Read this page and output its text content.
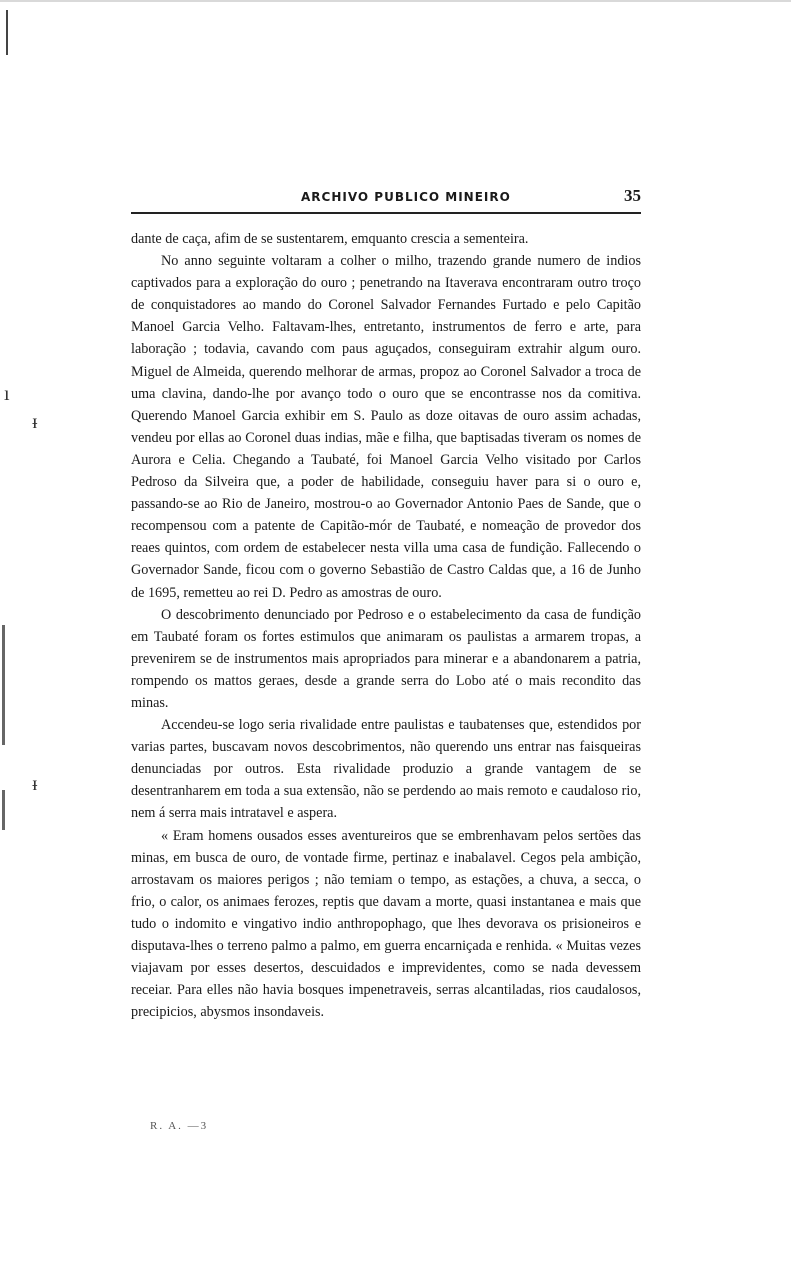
ı
ᵻ
ᵻ
ARCHIVO PUBLICO MINEIRO	35

dante de caça, afim de se sustentarem, emquanto crescia a sementeira.

No anno seguinte voltaram a colher o milho, trazendo grande numero de indios captivados para a exploração do ouro ; penetrando na Itaverava encontraram outro troço de conquistadores ao mando do Coronel Salvador Fernandes Furtado e pelo Capitão Manoel Garcia Velho. Faltavam-lhes, entretanto, instrumentos de ferro e arte, para laboração ; todavia, cavando com paus aguçados, conseguiram extrahir algum ouro. Miguel de Almeida, querendo melhorar de armas, propoz ao Coronel Salvador a troca de uma clavina, dando-lhe por avanço todo o ouro que se encontrasse nos da comitiva. Querendo Manoel Garcia exhibir em S. Paulo as doze oitavas de ouro assim achadas, vendeu por ellas ao Coronel duas indias, mãe e filha, que baptisadas tiveram os nomes de Aurora e Celia. Chegando a Taubaté, foi Manoel Garcia Velho visitado por Carlos Pedroso da Silveira que, a poder de habilidade, conseguiu haver para si o ouro e, passando-se ao Rio de Janeiro, mostrou-o ao Governador Antonio Paes de Sande, que o recompensou com a patente de Capitão-mór de Taubaté, e nomeação de provedor dos reaes quintos, com ordem de estabelecer nesta villa uma casa de fundição. Fallecendo o Governador Sande, ficou com o governo Sebastião de Castro Caldas que, a 16 de Junho de 1695, remetteu ao rei D. Pedro as amostras de ouro.

O descobrimento denunciado por Pedroso e o estabelecimento da casa de fundição em Taubaté foram os fortes estimulos que animaram os paulistas a armarem tropas, a prevenirem se de instrumentos mais apropriados para minerar e a abandonarem a patria, rompendo os mattos geraes, desde a grande serra do Lobo até o mais recondito das minas.

Accendeu-se logo seria rivalidade entre paulistas e taubatenses que, estendidos por varias partes, buscavam novos descobrimentos, não querendo uns entrar nas faisqueiras denunciadas por outros. Esta rivalidade produzio a grande vantagem de se desentranharem em toda a sua extensão, não se perdendo ao mais remoto e caudaloso rio, nem á serra mais intratavel e aspera.

« Eram homens ousados esses aventureiros que se embrenhavam pelos sertões das minas, em busca de ouro, de vontade firme, pertinaz e inabalavel. Cegos pela ambição, arrostavam os maiores perigos ; não temiam o tempo, as estações, a chuva, a secca, o frio, o calor, os animaes ferozes, reptis que davam a morte, quasi instantanea e mais que tudo o indomito e vingativo indio anthropophago, que lhes devorava os prisioneiros e disputava-lhes o terreno palmo a palmo, em guerra encarniçada e renhida. « Muitas vezes viajavam por esses desertos, descuidados e imprevidentes, como se nada devessem receiar. Para elles não havia bosques impenetraveis, serras alcantiladas, rios caudalosos, precipicios, abysmos insondaveis.

R. A. —3
